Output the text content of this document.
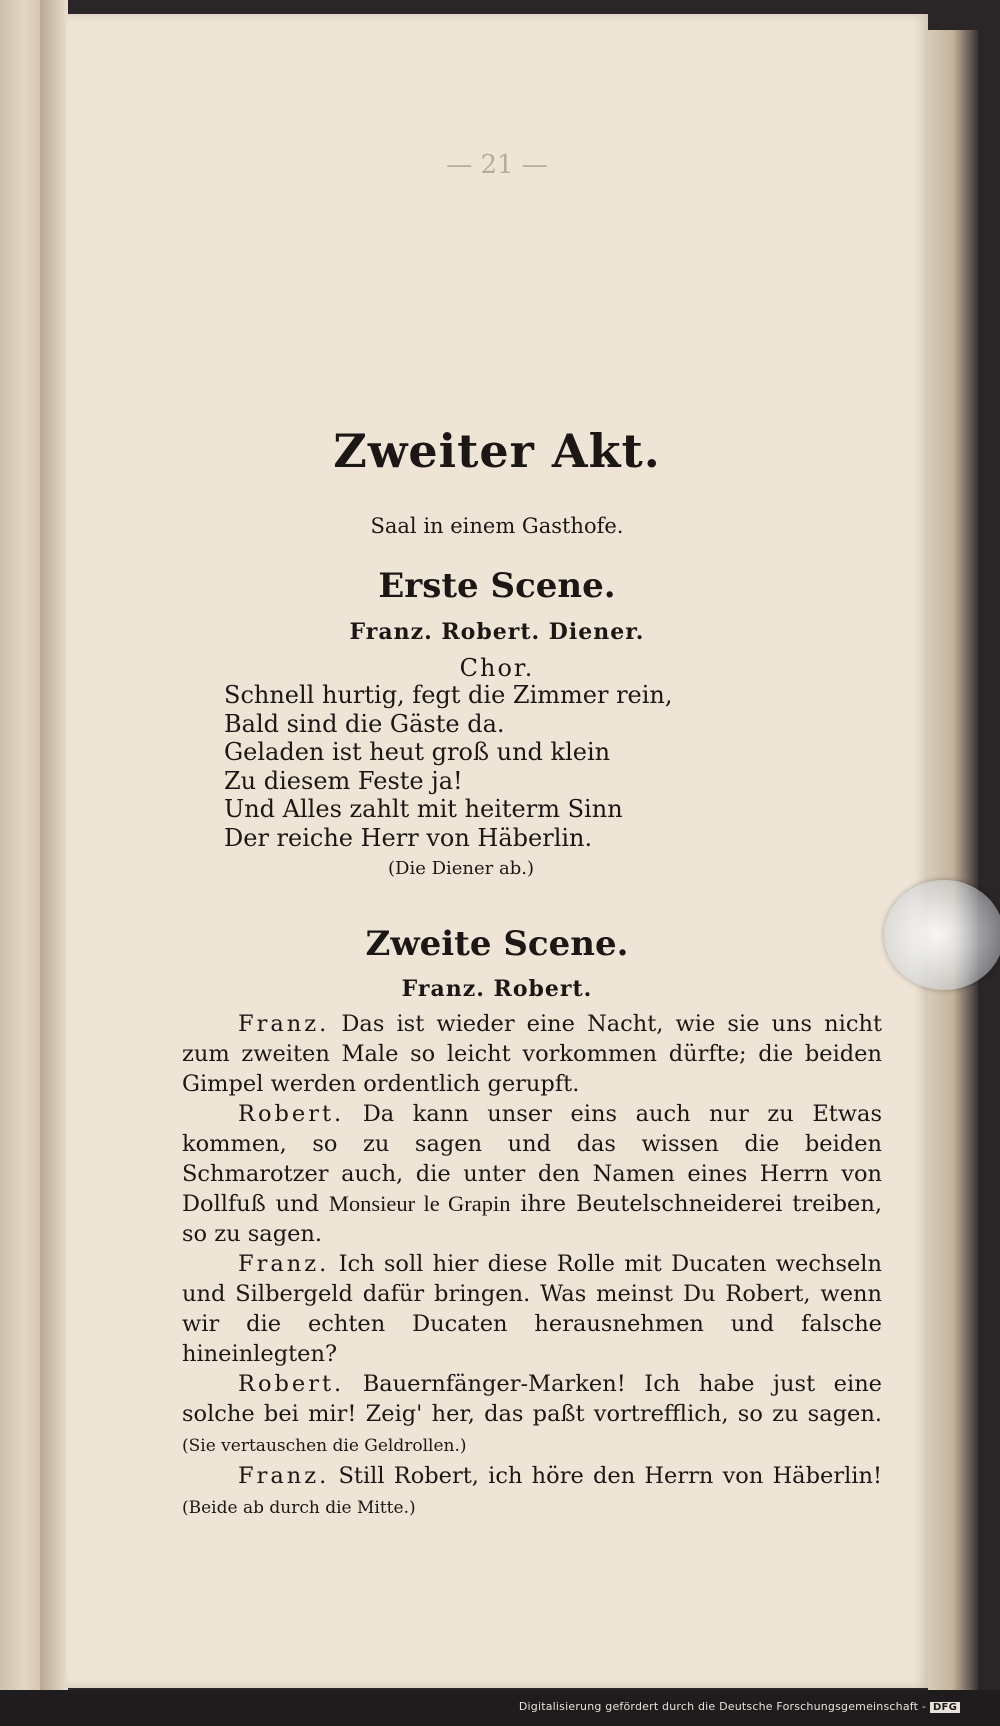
— 21 —
Zweiter Akt.
Saal in einem Gasthofe.
Erste Scene.
Franz. Robert. Diener.
Chor.
Schnell hurtig, fegt die Zimmer rein,
Bald sind die Gäste da.
Geladen ist heut groß und klein
Zu diesem Feste ja!
Und Alles zahlt mit heiterm Sinn
Der reiche Herr von Häberlin.
(Die Diener ab.)
Zweite Scene.
Franz. Robert.

Franz. Das ist wieder eine Nacht, wie sie uns nicht zum zweiten Male so leicht vorkommen dürfte; die beiden Gimpel werden ordentlich gerupft.

Robert. Da kann unser eins auch nur zu Etwas kommen, so zu sagen und das wissen die beiden Schmarotzer auch, die unter den Namen eines Herrn von Dollfuß und Monsieur le Grapin ihre Beutelschneiderei treiben, so zu sagen.

Franz. Ich soll hier diese Rolle mit Ducaten wechseln und Silbergeld dafür bringen. Was meinst Du Robert, wenn wir die echten Ducaten herausnehmen und falsche hineinlegten?

Robert. Bauernfänger-Marken! Ich habe just eine solche bei mir! Zeig' her, das paßt vortrefflich, so zu sagen. (Sie vertauschen die Geldrollen.)

Franz. Still Robert, ich höre den Herrn von Häberlin! (Beide ab durch die Mitte.)

Digitalisierung gefördert durch die Deutsche Forschungsgemeinschaft - DFG
